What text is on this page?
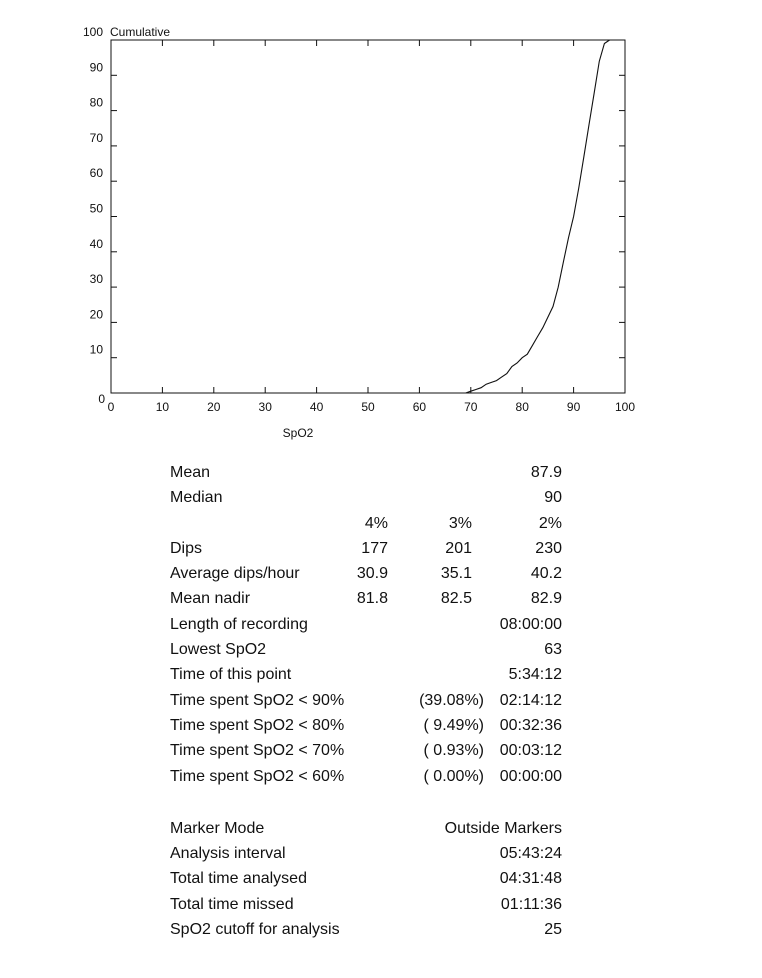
0
10
20
30
40
50
60
70
80
90
100
0	10	20	30	40	50	60	70	80	90	100
Cumulative
SpO2
Mean	87.9
Median	90
4%	3%	2%
Dips	177	201	230
Average dips/hour	30.9	35.1	40.2
Mean nadir	81.8	82.5	82.9
Length of recording	08:00:00
Lowest SpO2	63
Time of this point	5:34:12
Time spent SpO2 < 90%	(39.08%) 02:14:12
Time spent SpO2 < 80%	( 9.49%) 00:32:36
Time spent SpO2 < 70%	( 0.93%) 00:03:12
Time spent SpO2 < 60%	( 0.00%) 00:00:00
Marker Mode	Outside Markers
Analysis interval	05:43:24
Total time analysed	04:31:48
Total time missed	01:11:36
SpO2 cutoff for analysis	25
